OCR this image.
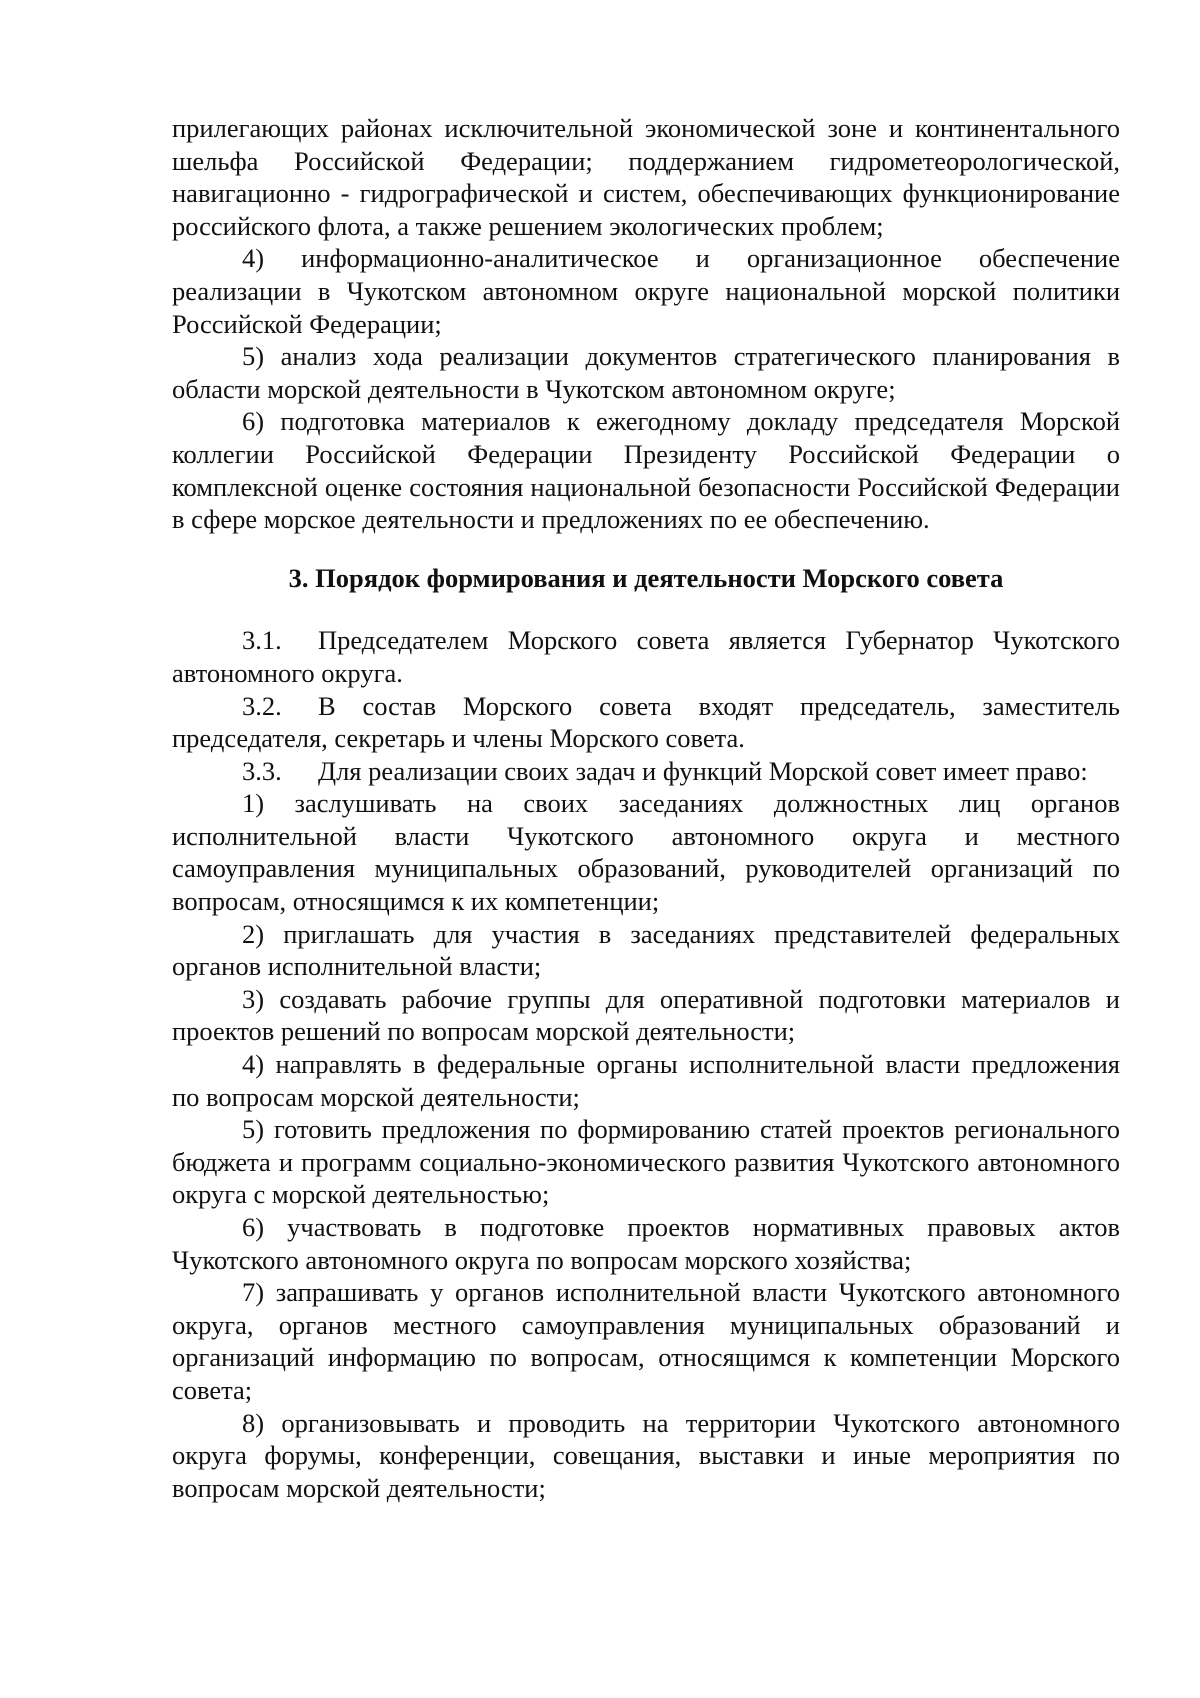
прилегающих районах исключительной экономической зоне и континентального шельфа Российской Федерации; поддержанием гидрометеорологической, навигационно - гидрографической и систем, обеспечивающих функционирование российского флота, а также решением экологических проблем;

4) информационно-аналитическое и организационное обеспечение реализации в Чукотском автономном округе национальной морской политики Российской Федерации;

5) анализ хода реализации документов стратегического планирования в области морской деятельности в Чукотском автономном округе;

6) подготовка материалов к ежегодному докладу председателя Морской коллегии Российской Федерации Президенту Российской Федерации о комплексной оценке состояния национальной безопасности Российской Федерации в сфере морское деятельности и предложениях по ее обеспечению.

3. Порядок формирования и деятельности Морского совета

3.1. Председателем Морского совета является Губернатор Чукотского автономного округа.

3.2. В состав Морского совета входят председатель, заместитель председателя, секретарь и члены Морского совета.

3.3. Для реализации своих задач и функций Морской совет имеет право:

1) заслушивать на своих заседаниях должностных лиц органов исполнительной власти Чукотского автономного округа и местного самоуправления муниципальных образований, руководителей организаций по вопросам, относящимся к их компетенции;

2) приглашать для участия в заседаниях представителей федеральных органов исполнительной власти;

3) создавать рабочие группы для оперативной подготовки материалов и проектов решений по вопросам морской деятельности;

4) направлять в федеральные органы исполнительной власти предложения по вопросам морской деятельности;

5) готовить предложения по формированию статей проектов регионального бюджета и программ социально-экономического развития Чукотского автономного округа с морской деятельностью;

6) участвовать в подготовке проектов нормативных правовых актов Чукотского автономного округа по вопросам морского хозяйства;

7) запрашивать у органов исполнительной власти Чукотского автономного округа, органов местного самоуправления муниципальных образований и организаций информацию по вопросам, относящимся к компетенции Морского совета;

8) организовывать и проводить на территории Чукотского автономного округа форумы, конференции, совещания, выставки и иные мероприятия по вопросам морской деятельности;
